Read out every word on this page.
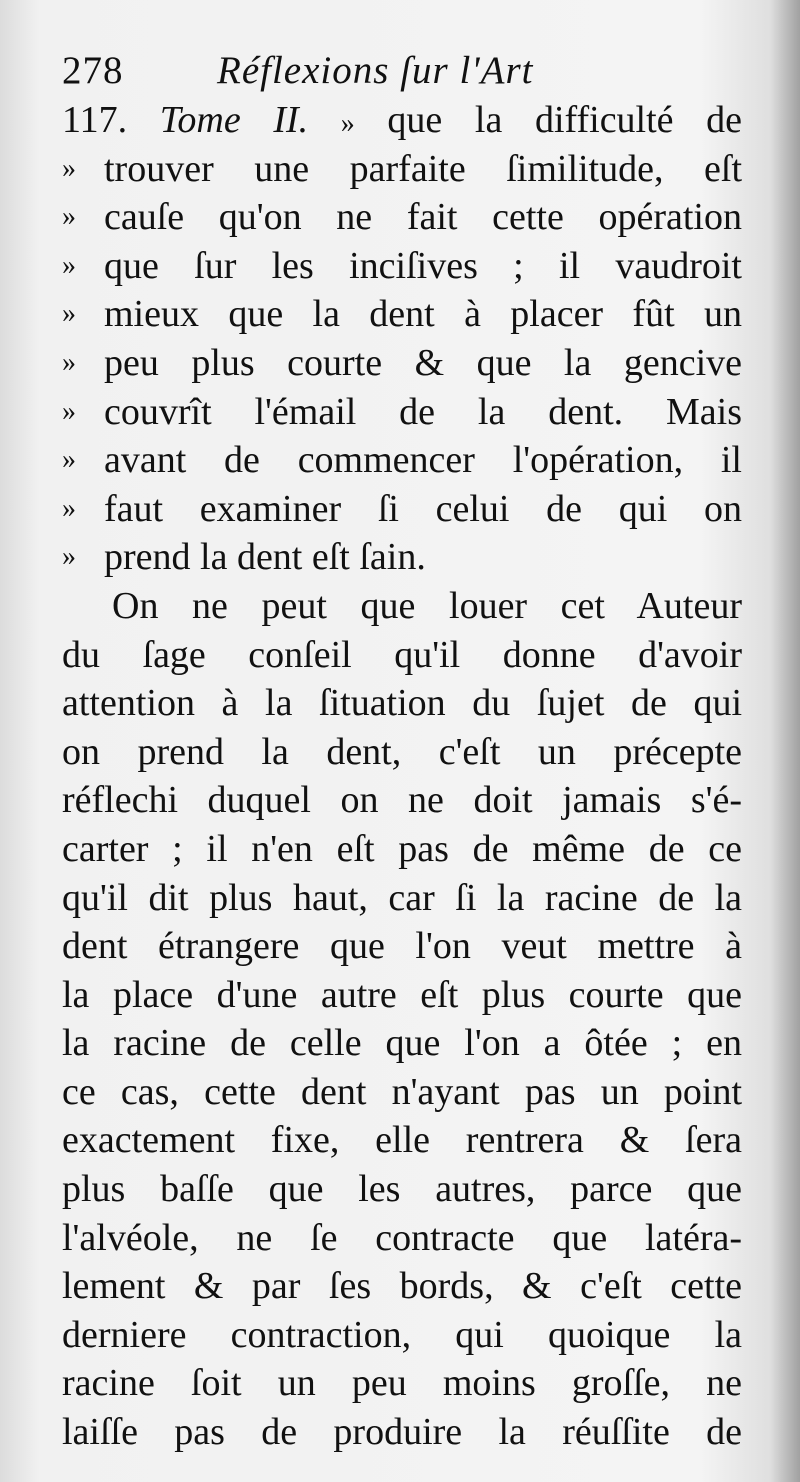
278 Réflexions ſur l'Art
117. Tome II. » que la difficulté de
» trouver une parfaite ſimilitude, eſt
» cauſe qu'on ne fait cette opération
» que ſur les inciſives ; il vaudroit
» mieux que la dent à placer fût un
» peu plus courte & que la gencive
» couvrît l'émail de la dent. Mais
» avant de commencer l'opération, il
» faut examiner ſi celui de qui on
» prend la dent eſt ſain.
On ne peut que louer cet Auteur
du ſage conſeil qu'il donne d'avoir
attention à la ſituation du ſujet de qui
on prend la dent, c'eſt un précepte
réflechi duquel on ne doit jamais s'é-
carter ; il n'en eſt pas de même de ce
qu'il dit plus haut, car ſi la racine de la
dent étrangere que l'on veut mettre à
la place d'une autre eſt plus courte que
la racine de celle que l'on a ôtée ; en
ce cas, cette dent n'ayant pas un point
exactement fixe, elle rentrera & ſera
plus baſſe que les autres, parce que
l'alvéole, ne ſe contracte que latéra-
lement & par ſes bords, & c'eſt cette
derniere contraction, qui quoique la
racine ſoit un peu moins groſſe, ne
laiſſe pas de produire la réuſſite de
